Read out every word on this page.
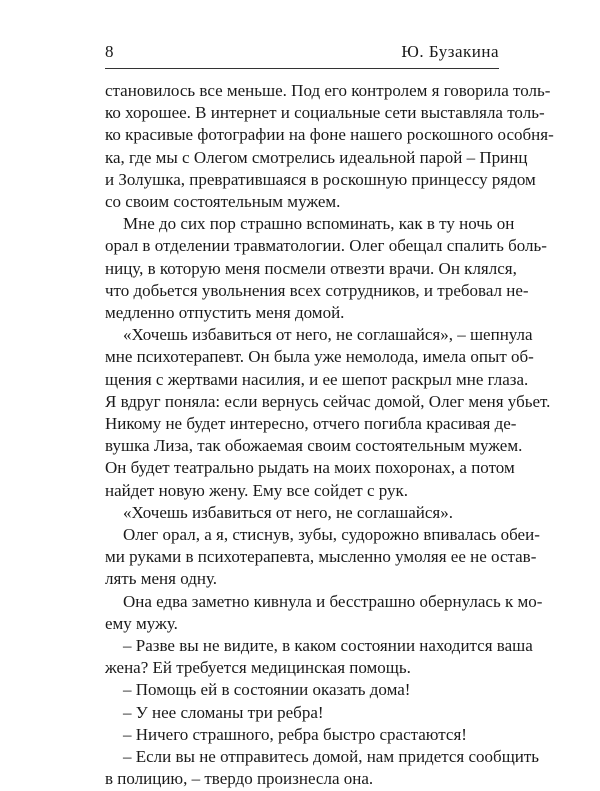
8	Ю. Бузакина
становилось все меньше. Под его контролем я говорила толь-
ко хорошее. В интернет и социальные сети выставляла толь-
ко красивые фотографии на фоне нашего роскошного особня-
ка, где мы с Олегом смотрелись идеальной парой – Принц
и Золушка, превратившаяся в роскошную принцессу рядом
со своим состоятельным мужем.
Мне до сих пор страшно вспоминать, как в ту ночь он
орал в отделении травматологии. Олег обещал спалить боль-
ницу, в которую меня посмели отвезти врачи. Он клялся,
что добьется увольнения всех сотрудников, и требовал не-
медленно отпустить меня домой.
«Хочешь избавиться от него, не соглашайся», – шепнула
мне психотерапевт. Он была уже немолода, имела опыт об-
щения с жертвами насилия, и ее шепот раскрыл мне глаза.
Я вдруг поняла: если вернусь сейчас домой, Олег меня убьет.
Никому не будет интересно, отчего погибла красивая де-
вушка Лиза, так обожаемая своим состоятельным мужем.
Он будет театрально рыдать на моих похоронах, а потом
найдет новую жену. Ему все сойдет с рук.
«Хочешь избавиться от него, не соглашайся».
Олег орал, а я, стиснув, зубы, судорожно впивалась обеи-
ми руками в психотерапевта, мысленно умоляя ее не остав-
лять меня одну.
Она едва заметно кивнула и бесстрашно обернулась к мо-
ему мужу.
– Разве вы не видите, в каком состоянии находится ваша
жена? Ей требуется медицинская помощь.
– Помощь ей в состоянии оказать дома!
– У нее сломаны три ребра!
– Ничего страшного, ребра быстро срастаются!
– Если вы не отправитесь домой, нам придется сообщить
в полицию, – твердо произнесла она.
